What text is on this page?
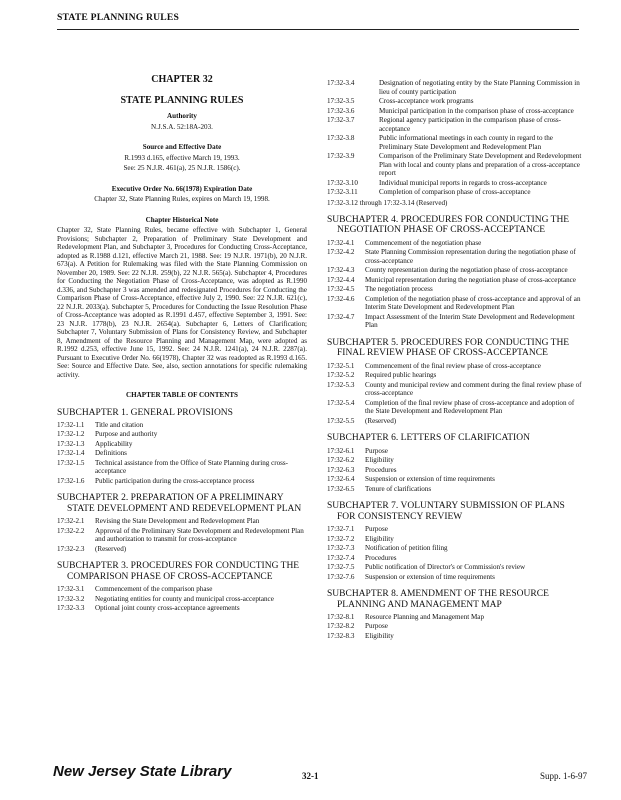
STATE PLANNING RULES
CHAPTER 32
STATE PLANNING RULES
Authority
N.J.S.A. 52:18A-203.
Source and Effective Date
R.1993 d.165, effective March 19, 1993.
See: 25 N.J.R. 461(a), 25 N.J.R. 1586(c).
Executive Order No. 66(1978) Expiration Date
Chapter 32, State Planning Rules, expires on March 19, 1998.
Chapter Historical Note
Chapter 32, State Planning Rules, became effective with Subchapter 1, General Provisions; Subchapter 2, Preparation of Preliminary State Development and Redevelopment Plan, and Subchapter 3, Procedures for Conducting Cross-Acceptance, adopted as R.1988 d.121, effective March 21, 1988. See: 19 N.J.R. 1971(b), 20 N.J.R. 673(a). A Petition for Rulemaking was filed with the State Planning Commission on November 20, 1989. See: 22 N.J.R. 259(b), 22 N.J.R. 565(a). Subchapter 4, Procedures for Conducting the Negotiation Phase of Cross-Acceptance, was adopted as R.1990 d.336, and Subchapter 3 was amended and redesignated Procedures for Conducting the Comparison Phase of Cross-Acceptance, effective July 2, 1990. See: 22 N.J.R. 621(c), 22 N.J.R. 2033(a). Subchapter 5, Procedures for Conducting the Issue Resolution Phase of Cross-Acceptance was adopted as R.1991 d.457, effective September 3, 1991. See: 23 N.J.R. 1778(b), 23 N.J.R. 2654(a). Subchapter 6, Letters of Clarification; Subchapter 7, Voluntary Submission of Plans for Consistency Review, and Subchapter 8, Amendment of the Resource Planning and Management Map, were adopted as R.1992 d.253, effective June 15, 1992. See: 24 N.J.R. 1241(a), 24 N.J.R. 2287(a). Pursuant to Executive Order No. 66(1978), Chapter 32 was readopted as R.1993 d.165. See: Source and Effective Date. See, also, section annotations for specific rulemaking activity.
CHAPTER TABLE OF CONTENTS
SUBCHAPTER 1. GENERAL PROVISIONS
17:32-1.1	Title and citation
17:32-1.2	Purpose and authority
17:32-1.3	Applicability
17:32-1.4	Definitions
17:32-1.5	Technical assistance from the Office of State Planning during cross-acceptance
17:32-1.6	Public participation during the cross-acceptance process
SUBCHAPTER 2. PREPARATION OF A PRELIMINARY STATE DEVELOPMENT AND REDEVELOPMENT PLAN
17:32-2.1	Revising the State Development and Redevelopment Plan
17:32-2.2	Approval of the Preliminary State Development and Redevelopment Plan and authorization to transmit for cross-acceptance
17:32-2.3	(Reserved)
SUBCHAPTER 3. PROCEDURES FOR CONDUCTING THE COMPARISON PHASE OF CROSS-ACCEPTANCE
17:32-3.1	Commencement of the comparison phase
17:32-3.2	Negotiating entities for county and municipal cross-acceptance
17:32-3.3	Optional joint county cross-acceptance agreements
17:32-3.4	Designation of negotiating entity by the State Planning Commission in lieu of county participation
17:32-3.5	Cross-acceptance work programs
17:32-3.6	Municipal participation in the comparison phase of cross-acceptance
17:32-3.7	Regional agency participation in the comparison phase of cross-acceptance
17:32-3.8	Public informational meetings in each county in regard to the Preliminary State Development and Redevelopment Plan
17:32-3.9	Comparison of the Preliminary State Development and Redevelopment Plan with local and county plans and preparation of a cross-acceptance report
17:32-3.10	Individual municipal reports in regards to cross-acceptance
17:32-3.11	Completion of comparison phase of cross-acceptance
17:32-3.12 through 17:32-3.14 (Reserved)
SUBCHAPTER 4. PROCEDURES FOR CONDUCTING THE NEGOTIATION PHASE OF CROSS-ACCEPTANCE
17:32-4.1	Commencement of the negotiation phase
17:32-4.2	State Planning Commission representation during the negotiation phase of cross-acceptance
17:32-4.3	County representation during the negotiation phase of cross-acceptance
17:32-4.4	Municipal representation during the negotiation phase of cross-acceptance
17:32-4.5	The negotiation process
17:32-4.6	Completion of the negotiation phase of cross-acceptance and approval of an Interim State Development and Redevelopment Plan
17:32-4.7	Impact Assessment of the Interim State Development and Redevelopment Plan
SUBCHAPTER 5. PROCEDURES FOR CONDUCTING THE FINAL REVIEW PHASE OF CROSS-ACCEPTANCE
17:32-5.1	Commencement of the final review phase of cross-acceptance
17:32-5.2	Required public hearings
17:32-5.3	County and municipal review and comment during the final review phase of cross-acceptance
17:32-5.4	Completion of the final review phase of cross-acceptance and adoption of the State Development and Redevelopment Plan
17:32-5.5	(Reserved)
SUBCHAPTER 6. LETTERS OF CLARIFICATION
17:32-6.1	Purpose
17:32-6.2	Eligibility
17:32-6.3	Procedures
17:32-6.4	Suspension or extension of time requirements
17:32-6.5	Tenure of clarifications
SUBCHAPTER 7. VOLUNTARY SUBMISSION OF PLANS FOR CONSISTENCY REVIEW
17:32-7.1	Purpose
17:32-7.2	Eligibility
17:32-7.3	Notification of petition filing
17:32-7.4	Procedures
17:32-7.5	Public notification of Director's or Commission's review
17:32-7.6	Suspension or extension of time requirements
SUBCHAPTER 8. AMENDMENT OF THE RESOURCE PLANNING AND MANAGEMENT MAP
17:32-8.1	Resource Planning and Management Map
17:32-8.2	Purpose
17:32-8.3	Eligibility
New Jersey State Library	32-1	Supp. 1-6-97
